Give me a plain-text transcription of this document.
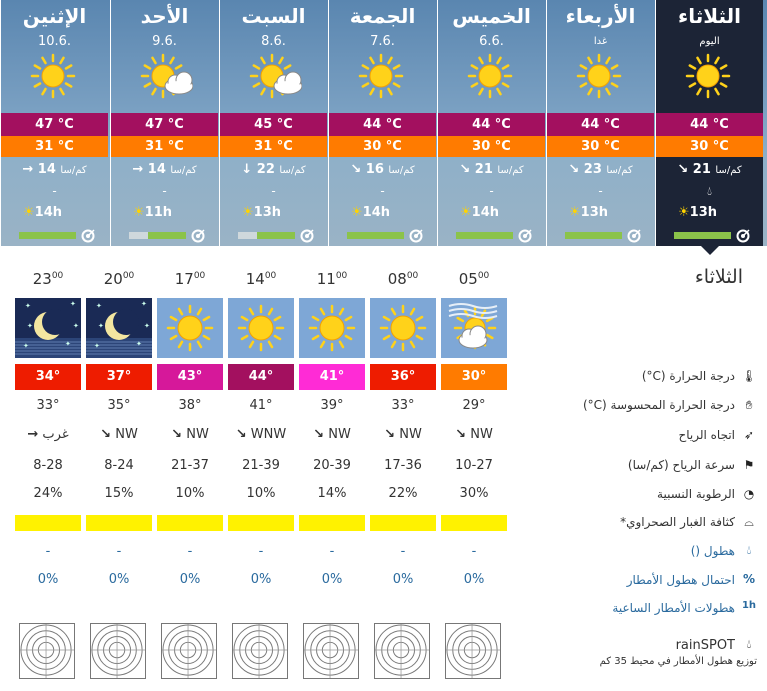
الإثنين
10.6.
47 °C
31 °C
→ 14 كم/سا
-
☀14h
الأحد
9.6.
47 °C
31 °C
→ 14 كم/سا
-
☀11h
السبت
8.6.
45 °C
31 °C
↓ 22 كم/سا
-
☀13h
الجمعة
7.6.
44 °C
30 °C
↘ 16 كم/سا
-
☀14h
الخميس
6.6.
44 °C
30 °C
↘ 21 كم/سا
-
☀14h
الأربعاء
غدا
44 °C
30 °C
↘ 23 كم/سا
-
☀13h
الثلاثاء
اليوم
44 °C
30 °C
↘ 21 كم/سا
💧︎
☀13h
الثلاثاء
$23^{00}$
✦	✦
✦
✦
✦
✦
34°
33°
→ غرب
8-28
24%
-
0%
$20^{00}$
✦	✦
✦
✦
✦
✦
37°
35°
↘ NW
8-24
15%
-
0%
$17^{00}$
43°
38°
↘ NW
21-37
10%
-
0%
$14^{00}$
44°
41°
↘ WNW
21-39
10%
-
0%
$11^{00}$
41°
39°
↘ NW
20-39
14%
-
0%
$08^{00}$
36°
33°
↘ NW
17-36
22%
-
0%
$05^{00}$
30°
29°
↘ NW
10-27
30%
-
0%
درجة الحرارة (C°) 🌡︎
درجة الحرارة المحسوسة (C°) ✋︎
اتجاه الرياح ➶
سرعة الرياح (كم/سا) ⚑
الرطوبة النسبية ◔
كثافة الغبار الصحراوي* ⌓
هطول () 💧︎
احتمال هطول الأمطار %
هطولات الأمطار الساعية 1h
rainSPOT 💧︎
توزيع هطول الأمطار في محيط 35 كم
